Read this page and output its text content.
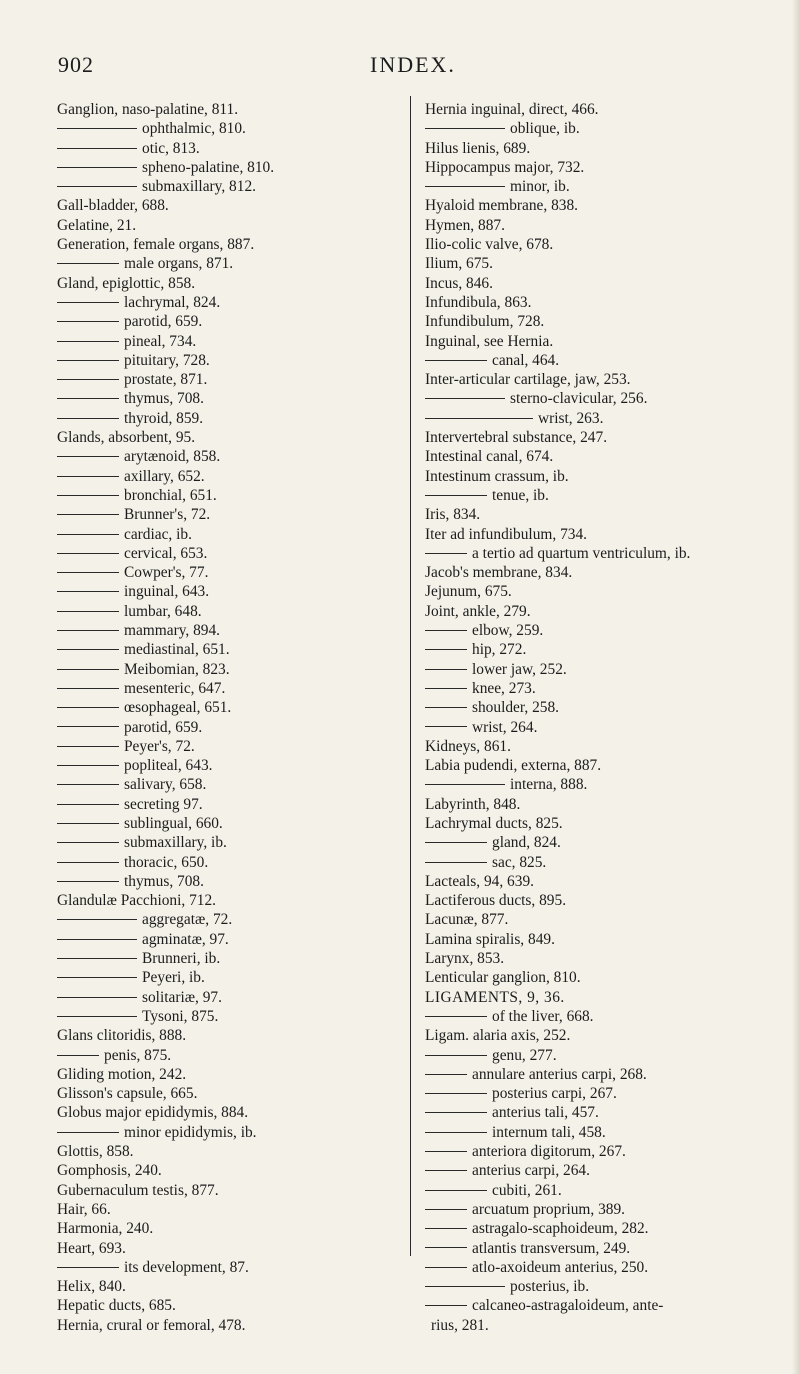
902	INDEX.
Ganglion, naso-palatine, 811.
ophthalmic, 810.
otic, 813.
spheno-palatine, 810.
submaxillary, 812.
Gall-bladder, 688.
Gelatine, 21.
Generation, female organs, 887.
male organs, 871.
Gland, epiglottic, 858.
lachrymal, 824.
parotid, 659.
pineal, 734.
pituitary, 728.
prostate, 871.
thymus, 708.
thyroid, 859.
Glands, absorbent, 95.
arytænoid, 858.
axillary, 652.
bronchial, 651.
Brunner's, 72.
cardiac, ib.
cervical, 653.
Cowper's, 77.
inguinal, 643.
lumbar, 648.
mammary, 894.
mediastinal, 651.
Meibomian, 823.
mesenteric, 647.
œsophageal, 651.
parotid, 659.
Peyer's, 72.
popliteal, 643.
salivary, 658.
secreting 97.
sublingual, 660.
submaxillary, ib.
thoracic, 650.
thymus, 708.
Glandulæ Pacchioni, 712.
aggregatæ, 72.
agminatæ, 97.
Brunneri, ib.
Peyeri, ib.
solitariæ, 97.
Tysoni, 875.
Glans clitoridis, 888.
penis, 875.
Gliding motion, 242.
Glisson's capsule, 665.
Globus major epididymis, 884.
minor epididymis, ib.
Glottis, 858.
Gomphosis, 240.
Gubernaculum testis, 877.
Hair, 66.
Harmonia, 240.
Heart, 693.
its development, 87.
Helix, 840.
Hepatic ducts, 685.
Hernia, crural or femoral, 478.
Hernia inguinal, direct, 466.
oblique, ib.
Hilus lienis, 689.
Hippocampus major, 732.
minor, ib.
Hyaloid membrane, 838.
Hymen, 887.
Ilio-colic valve, 678.
Ilium, 675.
Incus, 846.
Infundibula, 863.
Infundibulum, 728.
Inguinal, see Hernia.
canal, 464.
Inter-articular cartilage, jaw, 253.
sterno-clavicular, 256.
wrist, 263.
Intervertebral substance, 247.
Intestinal canal, 674.
Intestinum crassum, ib.
tenue, ib.
Iris, 834.
Iter ad infundibulum, 734.
a tertio ad quartum ventriculum, ib.
Jacob's membrane, 834.
Jejunum, 675.
Joint, ankle, 279.
elbow, 259.
hip, 272.
lower jaw, 252.
knee, 273.
shoulder, 258.
wrist, 264.
Kidneys, 861.
Labia pudendi, externa, 887.
interna, 888.
Labyrinth, 848.
Lachrymal ducts, 825.
gland, 824.
sac, 825.
Lacteals, 94, 639.
Lactiferous ducts, 895.
Lacunæ, 877.
Lamina spiralis, 849.
Larynx, 853.
Lenticular ganglion, 810.
LIGAMENTS, 9, 36.
of the liver, 668.
Ligam. alaria axis, 252.
genu, 277.
annulare anterius carpi, 268.
posterius carpi, 267.
anterius tali, 457.
internum tali, 458.
anteriora digitorum, 267.
anterius carpi, 264.
cubiti, 261.
arcuatum proprium, 389.
astragalo-scaphoideum, 282.
atlantis transversum, 249.
atlo-axoideum anterius, 250.
posterius, ib.
calcaneo-astragaloideum, ante-
rius, 281.
